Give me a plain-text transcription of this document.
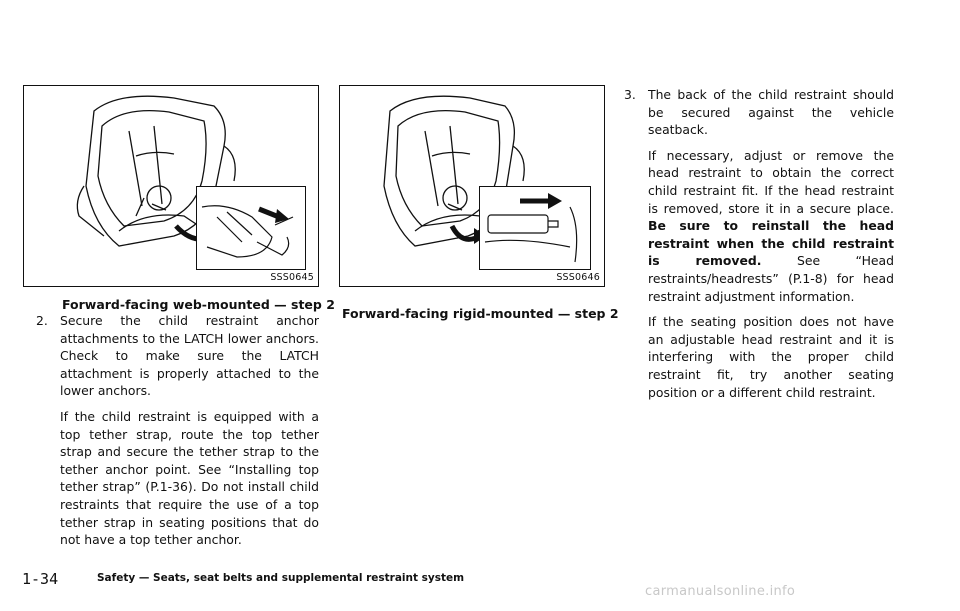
SSS0645
Forward-facing web-mounted — step 2
SSS0646
Forward-facing rigid-mounted — step 2
2. Secure the child restraint anchor attachments to the LATCH lower anchors. Check to make sure the LATCH attachment is properly attached to the lower anchors.
If the child restraint is equipped with a top tether strap, route the top tether strap and secure the tether strap to the tether anchor point. See “Installing top tether strap” (P.1-36). Do not install child restraints that require the use of a top tether strap in seating positions that do not have a top tether anchor.
3. The back of the child restraint should be secured against the vehicle seatback.
If necessary, adjust or remove the head restraint to obtain the correct child restraint fit. If the head restraint is removed, store it in a secure place. Be sure to reinstall the head restraint when the child restraint is removed.	See “Head restraints/headrests” (P.1-8) for head restraint adjustment information.
If the seating position does not have an adjustable head restraint and it is interfering with the proper child restraint fit, try another seating position or a different child restraint.
1-34	Safety — Seats, seat belts and supplemental restraint system
carmanualsonline.info
